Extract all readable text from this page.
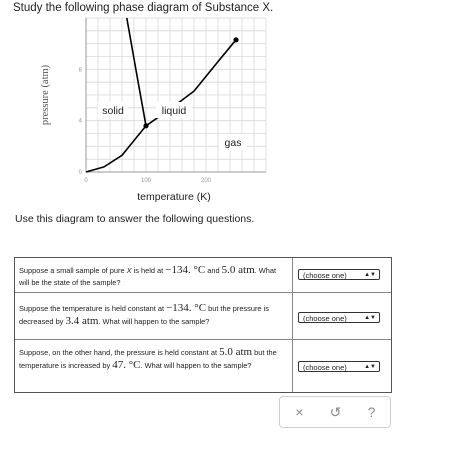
Study the following phase diagram of Substance X.
0	100	200
0
4
8
solid	liquid
gas
pressure (atm)
temperature (K)
Use this diagram to answer the following questions.
Suppose a small sample of pure X is held at −134. °C and 5.0 atm. What will be the state of the sample?
(choose one)	▲▼
Suppose the temperature is held constant at −134. °C but the pressure is decreased by 3.4 atm. What will happen to the sample?	(choose one)	▲▼
Suppose, on the other hand, the pressure is held constant at 5.0 atm but the temperature is increased by 47. °C. What will happen to the sample?	(choose one)	▲▼
×	↺	?
